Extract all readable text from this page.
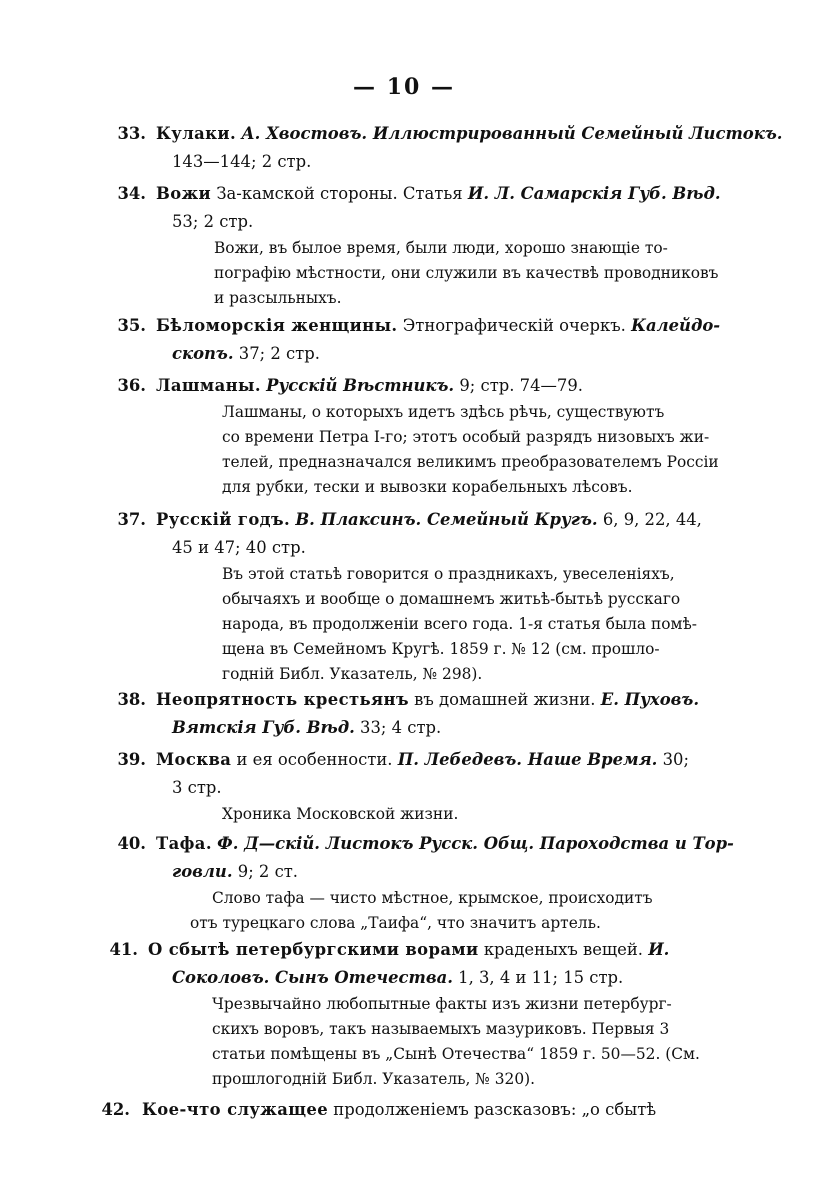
— 10 —
33. Кулаки. А. Хвостовъ. Иллюстрированный Семейный Листокъ.
143—144; 2 стр.
34. Вожи За-камской стороны. Статья И. Л. Самарскія Губ. Вѣд.
53; 2 стр.
Вожи, въ былое время, были люди, хорошо знающіе то-
пографію мѣстности, они служили въ качествѣ проводниковъ
и разсыльныхъ.
35. Бѣломорскія женщины. Этнографическій очеркъ. Калейдо-
скопъ. 37; 2 стр.
36. Лашманы. Русскій Вѣстникъ. 9; стр. 74—79.
Лашманы, о которыхъ идетъ здѣсь рѣчь, существуютъ
со времени Петра I-го; этотъ особый разрядъ низовыхъ жи-
телей, предназначался великимъ преобразователемъ Россіи
для рубки, тески и вывозки корабельныхъ лѣсовъ.
37. Русскій годъ. В. Плаксинъ. Семейный Кругъ. 6, 9, 22, 44,
45 и 47; 40 стр.
Въ этой статьѣ говорится о праздникахъ, увеселеніяхъ,
обычаяхъ и вообще о домашнемъ житьѣ-бытьѣ русскаго
народа, въ продолженіи всего года. 1-я статья была помѣ-
щена въ Семейномъ Кругѣ. 1859 г. № 12 (см. прошло-
годній Библ. Указатель, № 298).
38. Неопрятность крестьянъ въ домашней жизни. Е. Пуховъ.
Вятскія Губ. Вѣд. 33; 4 стр.
39. Москва и ея особенности. П. Лебедевъ. Наше Время. 30;
3 стр.
Хроника Московской жизни.
40. Тафа. Ф. Д—скій. Листокъ Русск. Общ. Пароходства и Тор-
говли. 9; 2 ст.
Слово тафа — чисто мѣстное, крымское, происходитъ
отъ турецкаго слова „Таифа“, что значитъ артель.
41. О сбытѣ петербургскими ворами краденыхъ вещей. И.
Соколовъ. Сынъ Отечества. 1, 3, 4 и 11; 15 стр.
Чрезвычайно любопытные факты изъ жизни петербург-
скихъ воровъ, такъ называемыхъ мазуриковъ. Первыя 3
статьи помѣщены въ „Сынѣ Отечества“ 1859 г. 50—52. (См.
прошлогодній Библ. Указатель, № 320).
42. Кое-что служащее продолженіемъ разсказовъ: „о сбытѣ
